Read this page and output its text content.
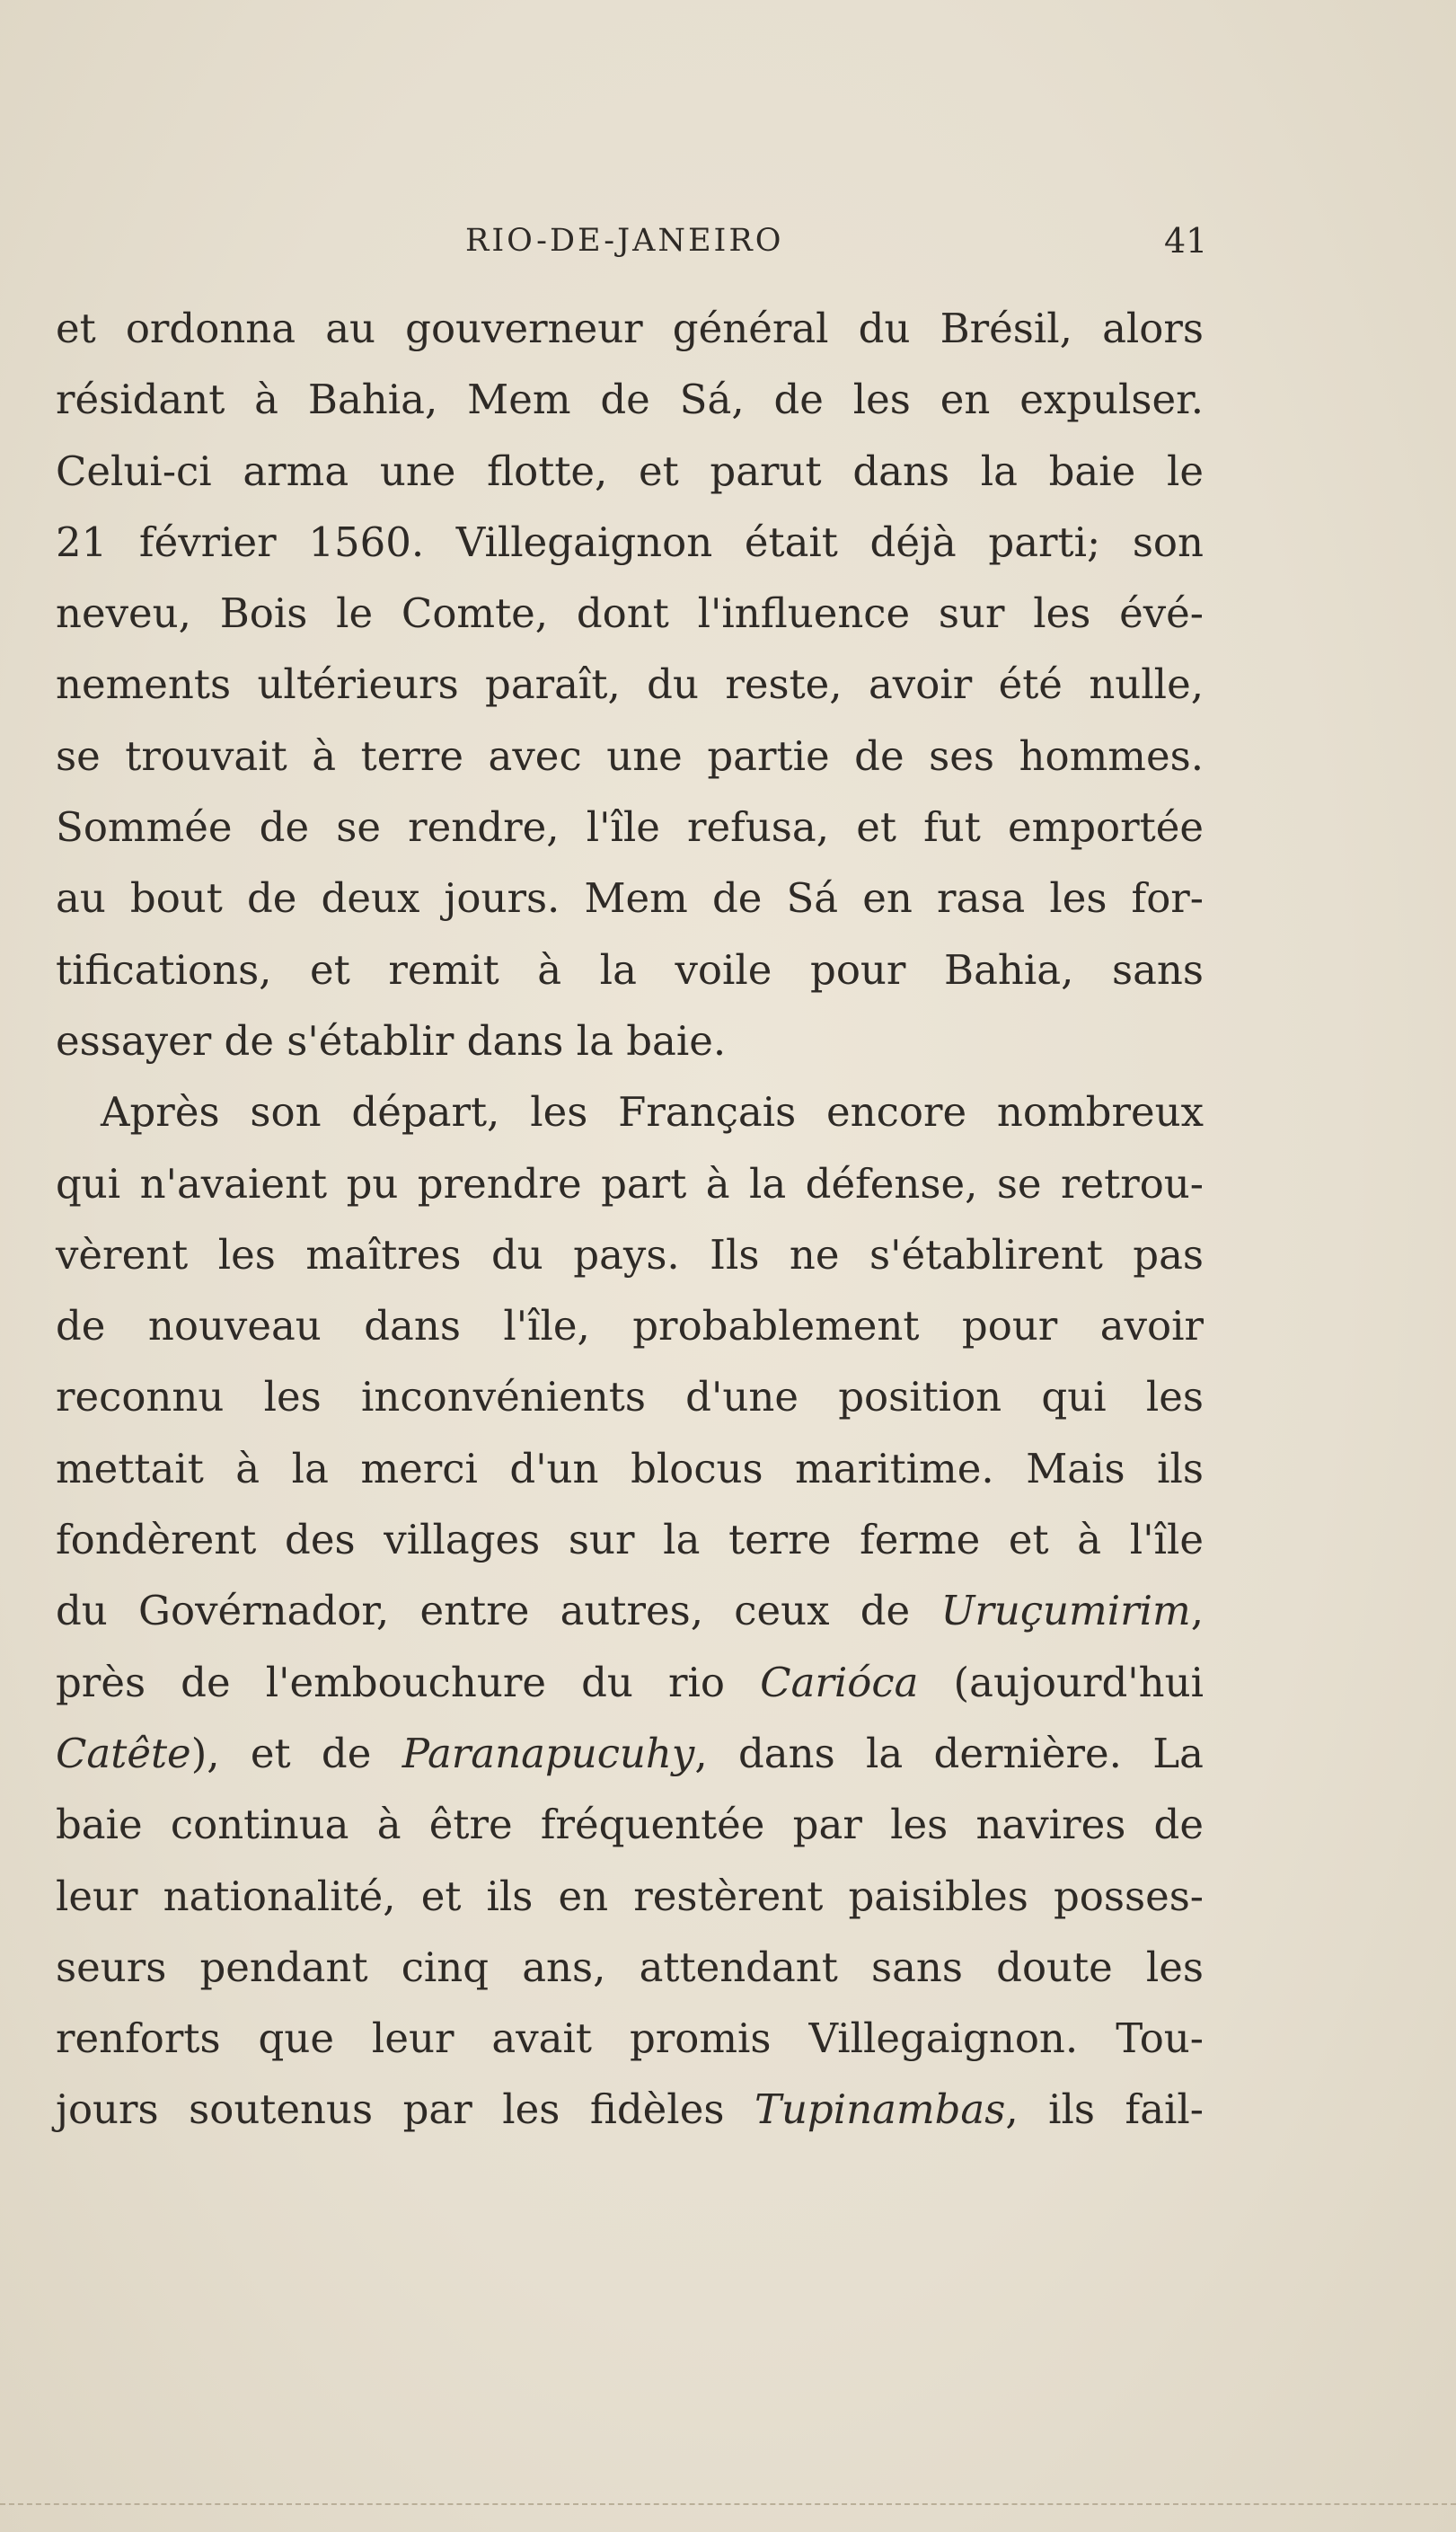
RIO-DE-JANEIRO	41
et ordonna au gouverneur général du Brésil, alors
résidant à Bahia, Mem de Sá, de les en expulser.
Celui-ci arma une flotte, et parut dans la baie le
21 février 1560. Villegaignon était déjà parti; son
neveu, Bois le Comte, dont l'influence sur les évé-
nements ultérieurs paraît, du reste, avoir été nulle,
se trouvait à terre avec une partie de ses hommes.
Sommée de se rendre, l'île refusa, et fut emportée
au bout de deux jours. Mem de Sá en rasa les for-
tifications, et remit à la voile pour Bahia, sans
essayer de s'établir dans la baie.
Après son départ, les Français encore nombreux
qui n'avaient pu prendre part à la défense, se retrou-
vèrent les maîtres du pays. Ils ne s'établirent pas
de nouveau dans l'île, probablement pour avoir
reconnu les inconvénients d'une position qui les
mettait à la merci d'un blocus maritime. Mais ils
fondèrent des villages sur la terre ferme et à l'île
du Govérnador, entre autres, ceux de Uruçumirim,
près de l'embouchure du rio Carióca (aujourd'hui
Catête), et de Paranapucuhy, dans la dernière. La
baie continua à être fréquentée par les navires de
leur nationalité, et ils en restèrent paisibles posses-
seurs pendant cinq ans, attendant sans doute les
renforts que leur avait promis Villegaignon. Tou-
jours soutenus par les fidèles Tupinambas, ils fail-
